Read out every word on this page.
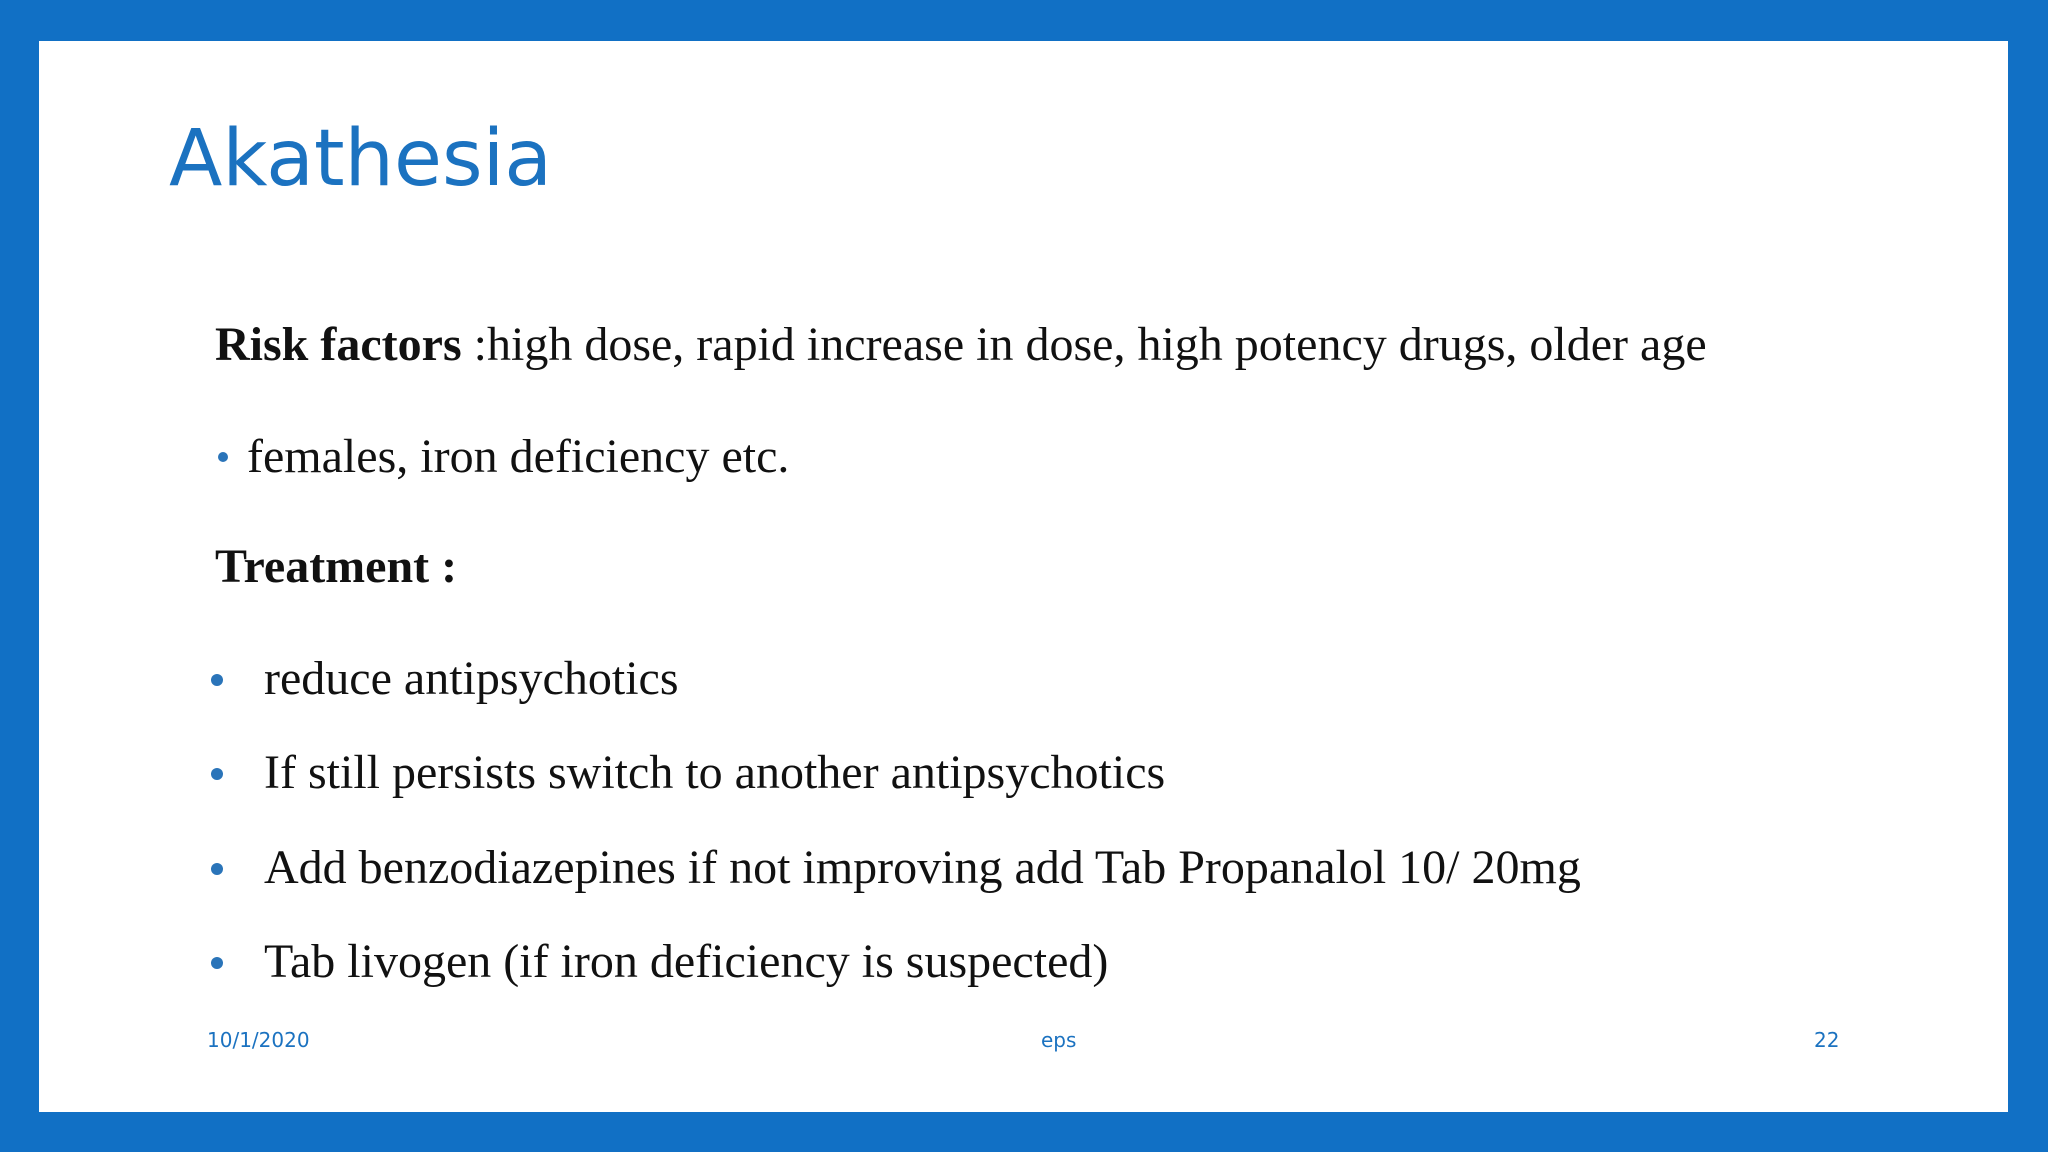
Akathesia
Risk factors :high dose, rapid increase in dose, high potency drugs, older age
females, iron deficiency etc.
Treatment :
reduce antipsychotics
If still persists switch to another antipsychotics
Add benzodiazepines if not improving add Tab Propanalol 10/ 20mg
Tab livogen (if iron deficiency is suspected)
10/1/2020	eps	22
